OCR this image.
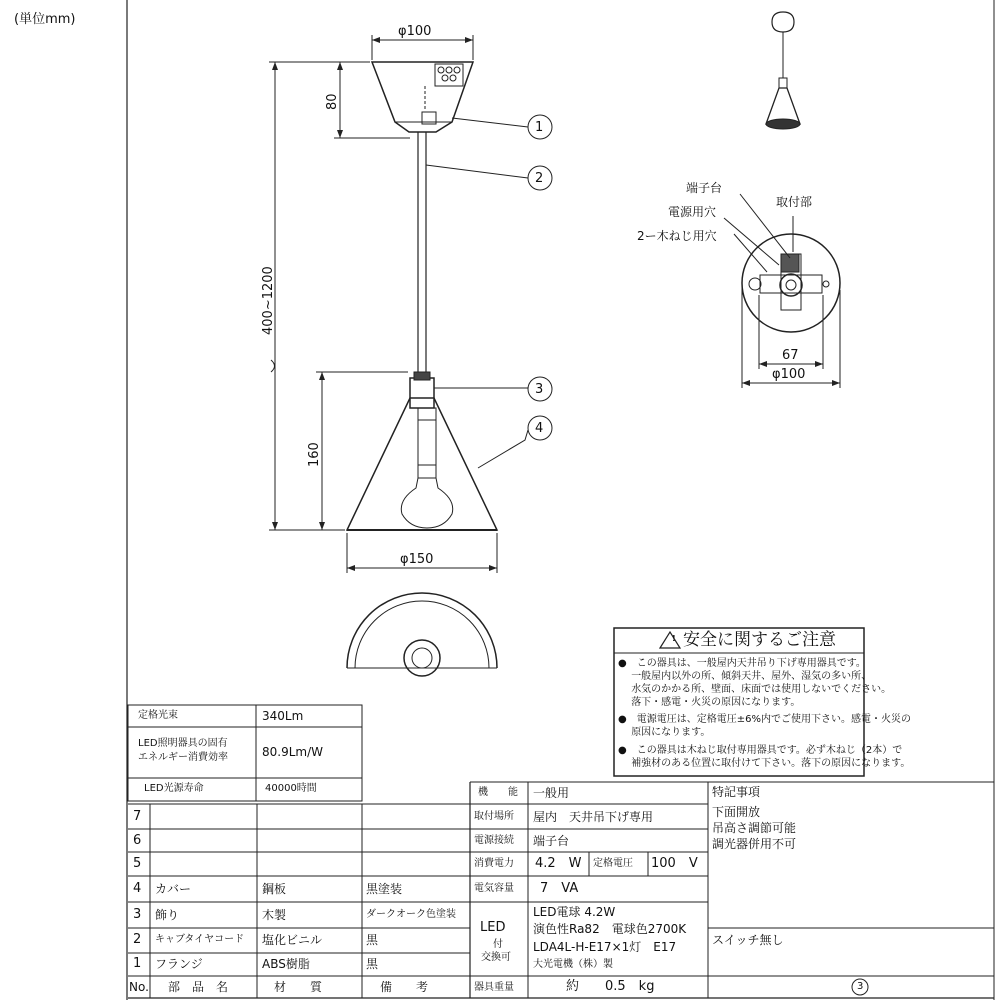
(単位mm)
φ100
80
400~1200
160
φ150
1
2
3
4
端子台
取付部
電源用穴
2ー木ねじ用穴
67
φ100
! 安全に関するご注意
●　この器具は、一般屋内天井吊り下げ専用器具です。
　 一般屋内以外の所、傾斜天井、屋外、湿気の多い所、
　 水気のかかる所、壁面、床面では使用しないでください。
　 落下・感電・火災の原因になります。
●　電源電圧は、定格電圧±6%内でご使用下さい。感電・火災の
　 原因になります。
●　この器具は木ねじ取付専用器具です。必ず木ねじ（2本）で
　 補強材のある位置に取付けて下さい。落下の原因になります。
定格光束	340Lm
LED照明器具の固有
エネルギー消費効率	80.9Lm/W
LED光源寿命	40000時間
7
6
5
4 カバー	鋼板	黒塗装
3 飾り	木製	ダークオーク色塗装
2 キャブタイヤコード 塩化ビニル	黒
1 フランジ	ABS樹脂	黒
No. 部　品　名	材　　質	備　　考
機　　能 一般用
取付場所 屋内　天井吊下げ専用
電源接続 端子台
消費電力 4.2　W 定格電圧 100　V
電気容量 7　VA
LED
付
交換可
LED電球 4.2W
演色性Ra82　電球色2700K
LDA4L-H-E17×1灯　E17
大光電機（株）製
器具重量	約　　0.5　kg
特記事項
下面開放
吊高さ調節可能
調光器併用不可
スイッチ無し
3
